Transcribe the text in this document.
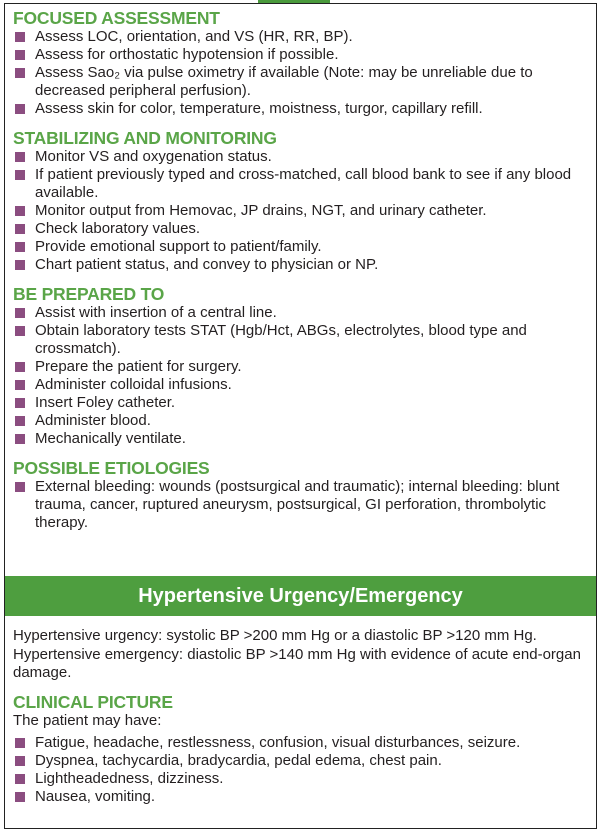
FOCUSED ASSESSMENT
Assess LOC, orientation, and VS (HR, RR, BP).
Assess for orthostatic hypotension if possible.
Assess Sao₂ via pulse oximetry if available (Note: may be unreliable due to decreased peripheral perfusion).
Assess skin for color, temperature, moistness, turgor, capillary refill.
STABILIZING AND MONITORING
Monitor VS and oxygenation status.
If patient previously typed and cross-matched, call blood bank to see if any blood available.
Monitor output from Hemovac, JP drains, NGT, and urinary catheter.
Check laboratory values.
Provide emotional support to patient/family.
Chart patient status, and convey to physician or NP.
BE PREPARED TO
Assist with insertion of a central line.
Obtain laboratory tests STAT (Hgb/Hct, ABGs, electrolytes, blood type and crossmatch).
Prepare the patient for surgery.
Administer colloidal infusions.
Insert Foley catheter.
Administer blood.
Mechanically ventilate.
POSSIBLE ETIOLOGIES
External bleeding: wounds (postsurgical and traumatic); internal bleeding: blunt trauma, cancer, ruptured aneurysm, postsurgical, GI perforation, thrombolytic therapy.
Hypertensive Urgency/Emergency

Hypertensive urgency: systolic BP >200 mm Hg or a diastolic BP >120 mm Hg. Hypertensive emergency: diastolic BP >140 mm Hg with evidence of acute end-organ damage.

CLINICAL PICTURE

The patient may have:

Fatigue, headache, restlessness, confusion, visual disturbances, seizure.
Dyspnea, tachycardia, bradycardia, pedal edema, chest pain.
Lightheadedness, dizziness.
Nausea, vomiting.
